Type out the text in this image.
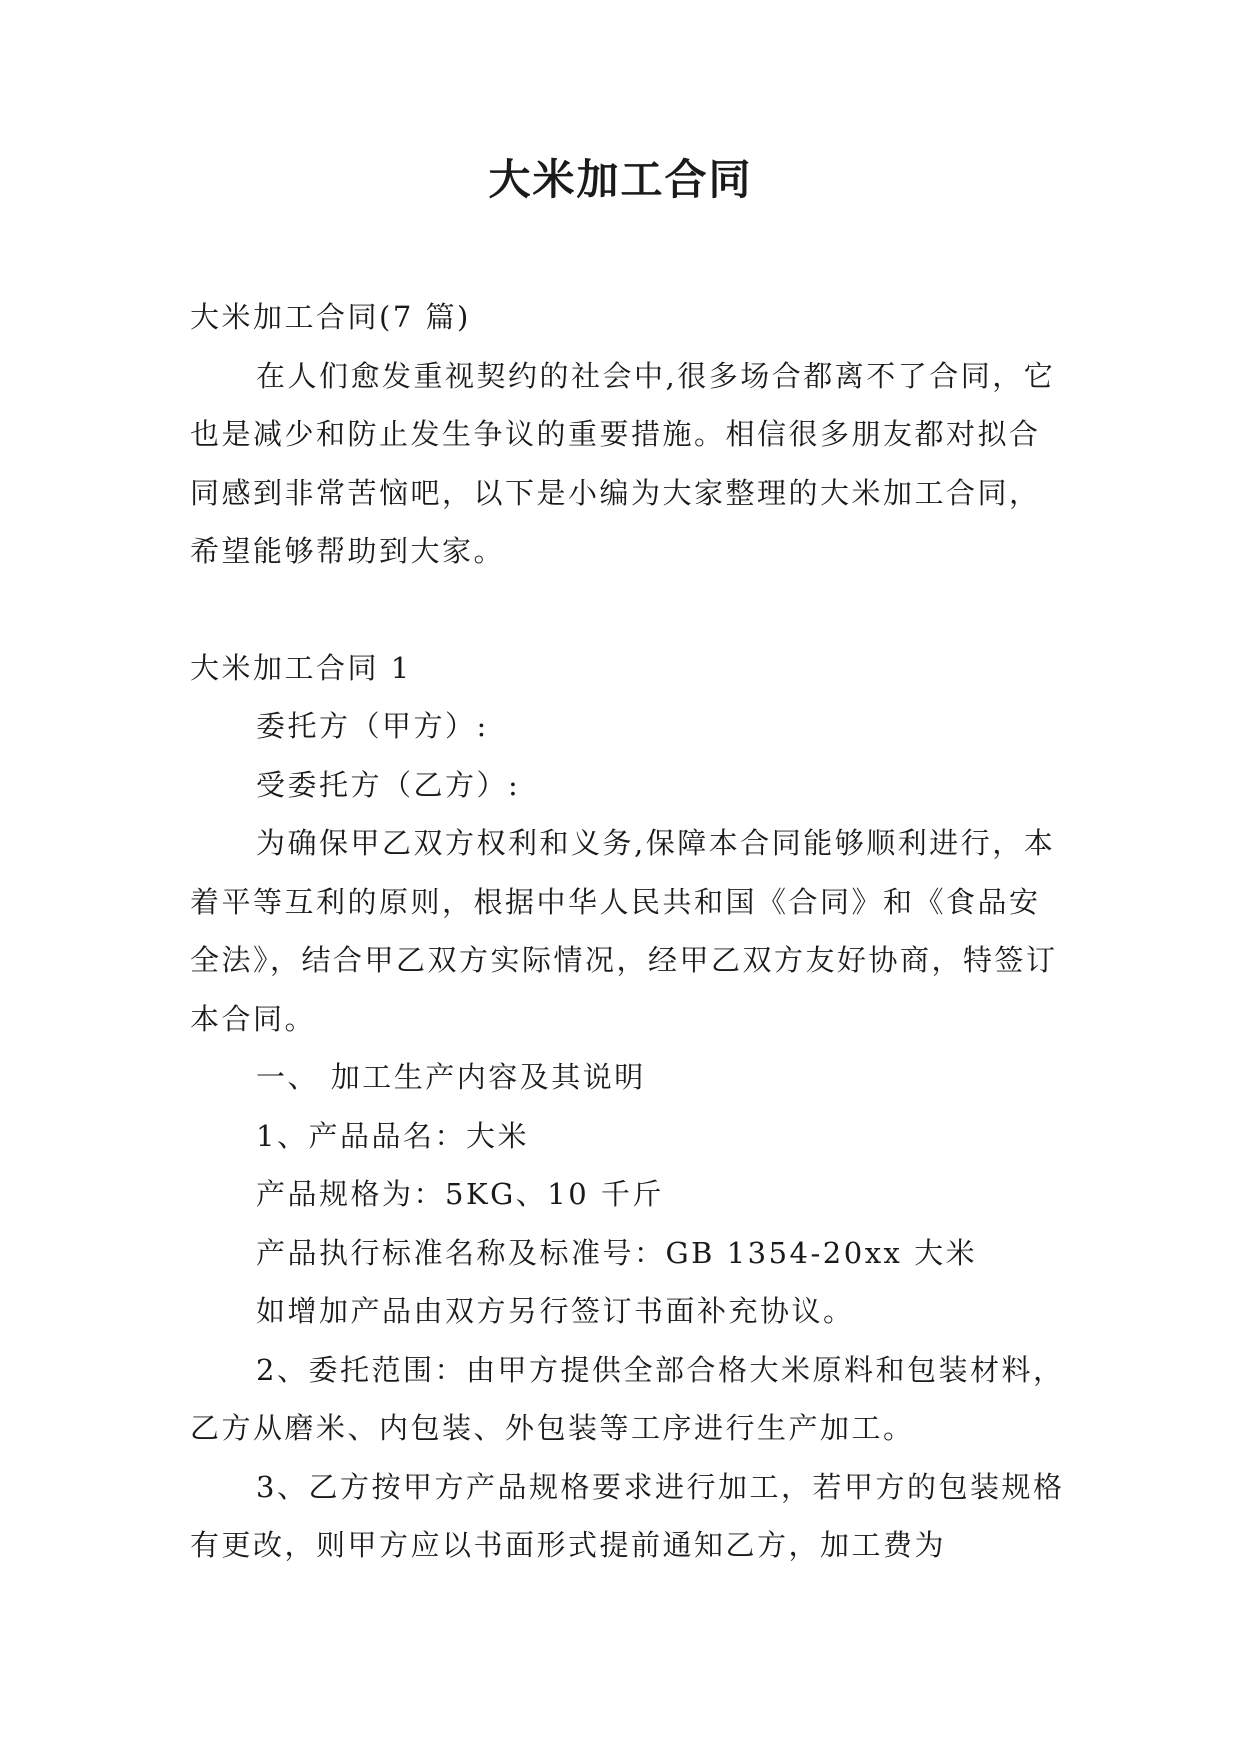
大米加工合同

大米加工合同(7 篇)

在人们愈发重视契约的社会中,很多场合都离不了合同，它也是减少和防止发生争议的重要措施。相信很多朋友都对拟合同感到非常苦恼吧，以下是小编为大家整理的大米加工合同，希望能够帮助到大家。

大米加工合同 1

委托方（甲方）:

受委托方（乙方）:

为确保甲乙双方权利和义务,保障本合同能够顺利进行，本着平等互利的原则，根据中华人民共和国《合同》和《食品安全法》，结合甲乙双方实际情况，经甲乙双方友好协商，特签订本合同。

一、 加工生产内容及其说明

1、产品品名：大米

产品规格为：5KG、10 千斤

产品执行标准名称及标准号：GB 1354-20xx 大米

如增加产品由双方另行签订书面补充协议。

2、委托范围：由甲方提供全部合格大米原料和包装材料，乙方从磨米、内包装、外包装等工序进行生产加工。

3、乙方按甲方产品规格要求进行加工，若甲方的包装规格有更改，则甲方应以书面形式提前通知乙方，加工费为
